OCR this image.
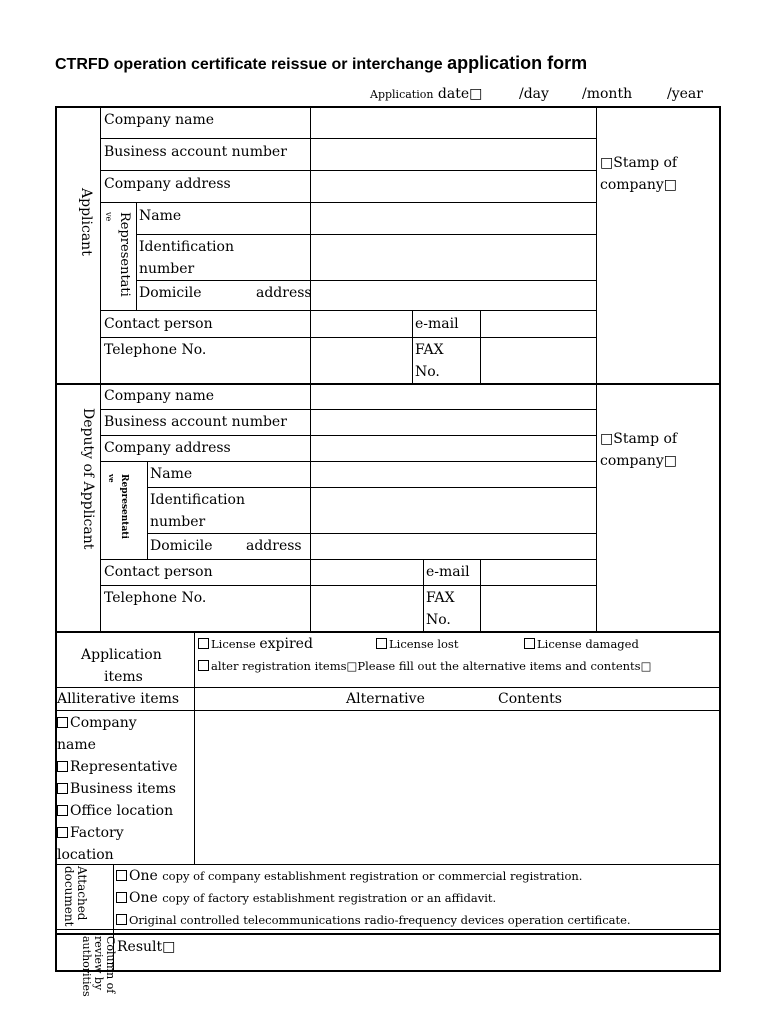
CTRFD operation certificate reissue or interchange application form
Application date□	/day /month /year
Applicant
Company name
Business account number
Company address
Representati
ve Name
Identification
number
Domicile	address
Contact person	e-mail
Telephone No.	FAX
No.
□Stamp of
company□
Deputy of Applicant
Company name
Business account number
Company address
Representati
ve Name
Identification
number
Domicile address
Contact person	e-mail
Telephone No.	FAX
No.
□Stamp of
company□
Application
items
License expired	License lost	License damaged
alter registration items□Please fill out the alternative items and contents□
Alliterative items	Alternative	Contents
Company
name
Representative
Business items
Office location
Factory
location
Attached document	One copy of company establishment registration or commercial registration.
One copy of factory establishment registration or an affidavit.
Original controlled telecommunications radio-frequency devices operation certificate.
Column of review by authorities	Result□
